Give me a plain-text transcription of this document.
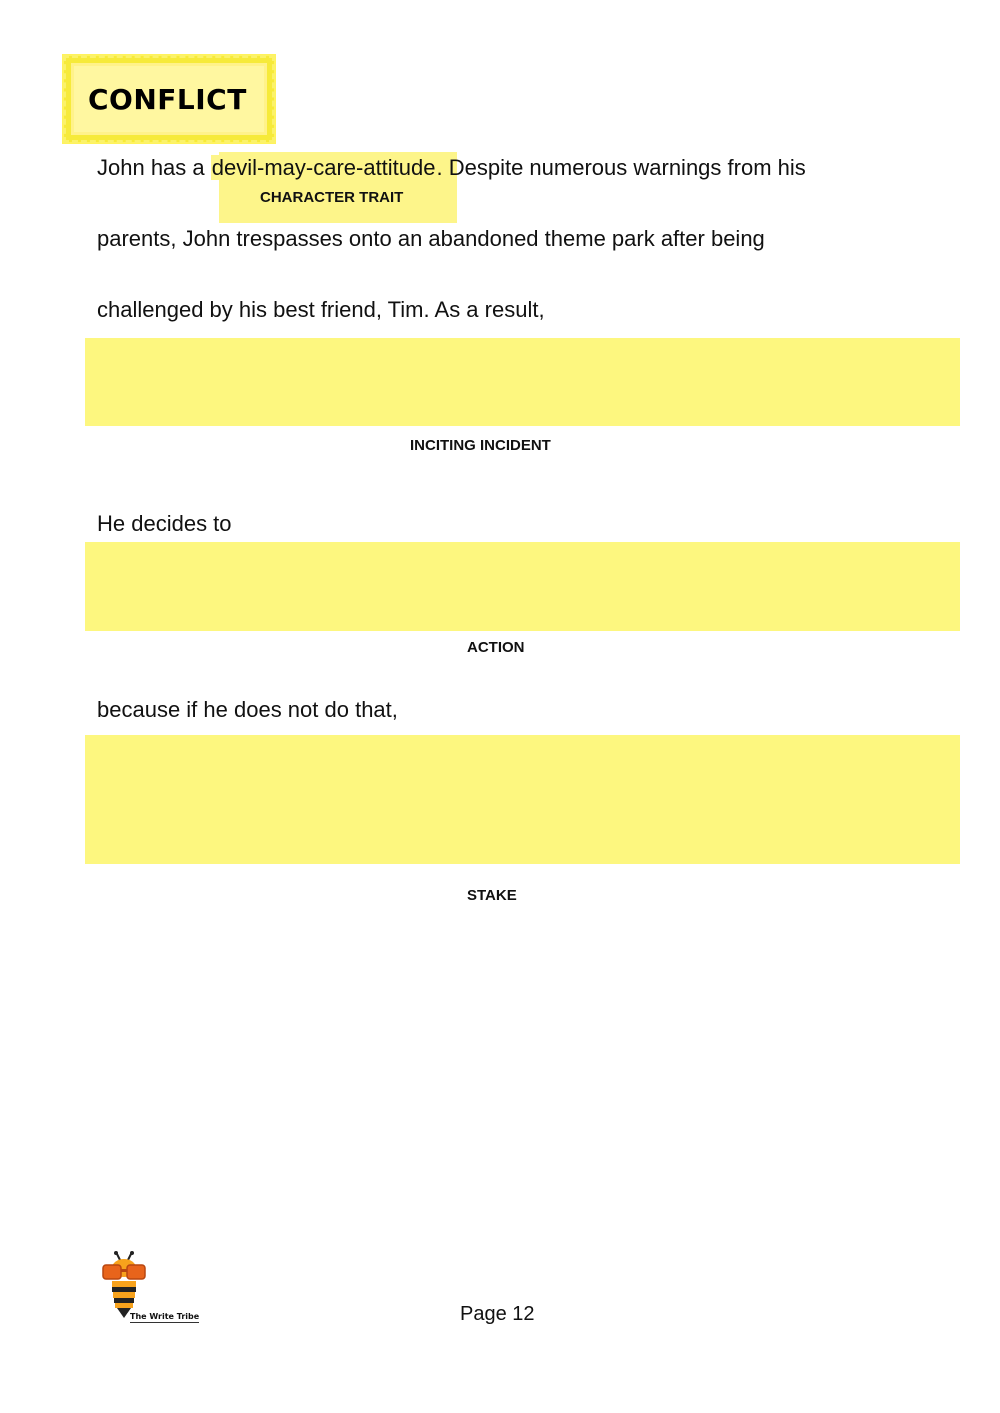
CONFLICT
John has a devil-may-care-attitude. Despite numerous warnings from his
CHARACTER TRAIT
parents, John trespasses onto an abandoned theme park after being
challenged by his best friend, Tim. As a result,
INCITING INCIDENT
He decides to
ACTION
because if he does not do that,
STAKE
The Write Tribe	Page 12
